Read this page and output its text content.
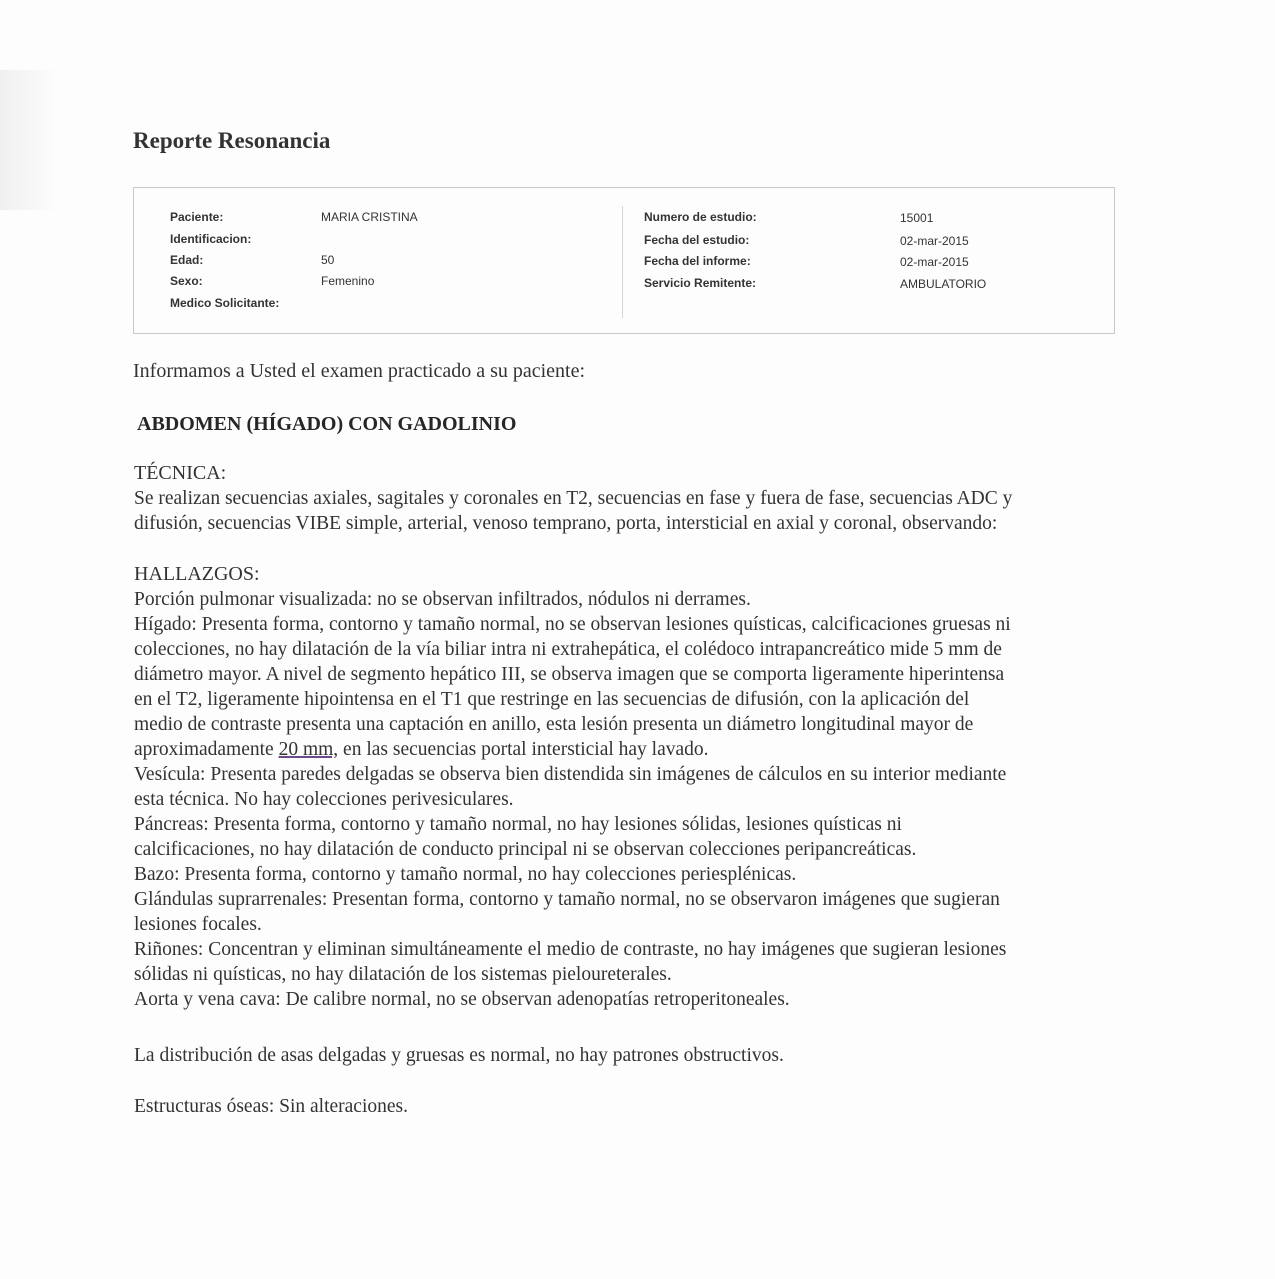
Reporte Resonancia
Paciente:	MARIA CRISTINA
Identificacion:
Edad:	50
Sexo:	Femenino
Medico Solicitante:
Numero de estudio:	15001
Fecha del estudio:	02-mar-2015
Fecha del informe:	02-mar-2015
Servicio Remitente:	AMBULATORIO
Informamos a Usted el examen practicado a su paciente:
ABDOMEN (HÍGADO) CON GADOLINIO

TÉCNICA:

Se realizan secuencias axiales, sagitales y coronales en T2, secuencias en fase y fuera de fase, secuencias ADC y

difusión, secuencias VIBE simple, arterial, venoso temprano, porta, intersticial en axial y coronal, observando:

HALLAZGOS:

Porción pulmonar visualizada: no se observan infiltrados, nódulos ni derrames.

Hígado: Presenta forma, contorno y tamaño normal, no se observan lesiones quísticas, calcificaciones gruesas ni

colecciones, no hay dilatación de la vía biliar intra ni extrahepática, el colédoco intrapancreático mide 5 mm de

diámetro mayor. A nivel de segmento hepático III, se observa imagen que se comporta ligeramente hiperintensa

en el T2, ligeramente hipointensa en el T1 que restringe en las secuencias de difusión, con la aplicación del

medio de contraste presenta una captación en anillo, esta lesión presenta un diámetro longitudinal mayor de

aproximadamente 20 mm, en las secuencias portal intersticial hay lavado.

Vesícula: Presenta paredes delgadas se observa bien distendida sin imágenes de cálculos en su interior mediante

esta técnica. No hay colecciones perivesiculares.

Páncreas: Presenta forma, contorno y tamaño normal, no hay lesiones sólidas, lesiones quísticas ni

calcificaciones, no hay dilatación de conducto principal ni se observan colecciones peripancreáticas.

Bazo: Presenta forma, contorno y tamaño normal, no hay colecciones periesplénicas.

Glándulas suprarrenales: Presentan forma, contorno y tamaño normal, no se observaron imágenes que sugieran

lesiones focales.

Riñones: Concentran y eliminan simultáneamente el medio de contraste, no hay imágenes que sugieran lesiones

sólidas ni quísticas, no hay dilatación de los sistemas pieloureterales.

Aorta y vena cava: De calibre normal, no se observan adenopatías retroperitoneales.

La distribución de asas delgadas y gruesas es normal, no hay patrones obstructivos.
Estructuras óseas: Sin alteraciones.
